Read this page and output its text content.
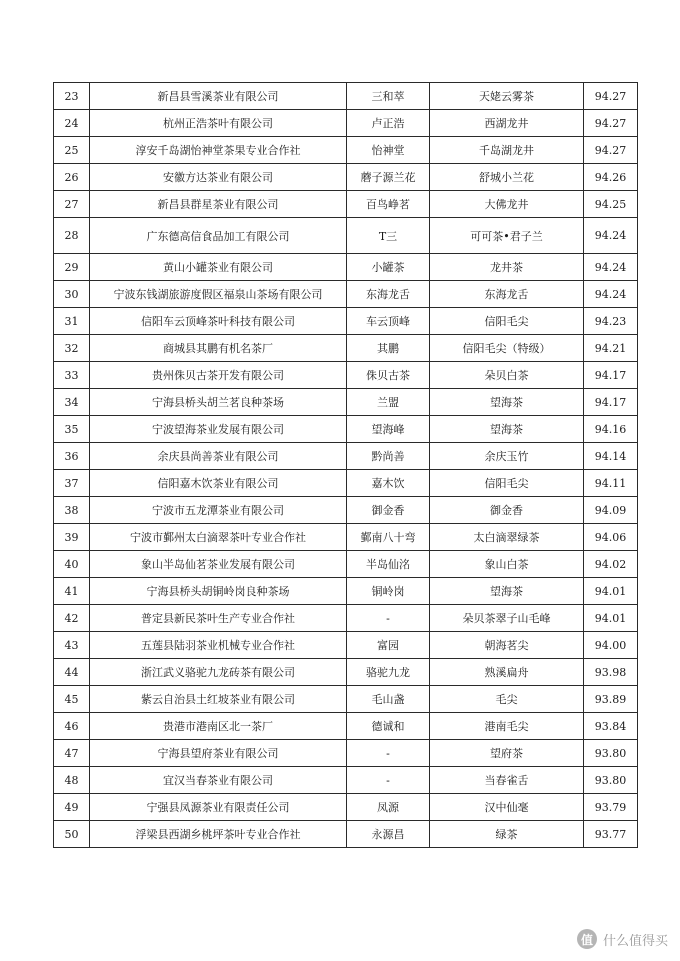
23	新昌县雪溪茶业有限公司	三和萃	天姥云雾茶	94.27
24	杭州正浩茶叶有限公司	卢正浩	西湖龙井	94.27
25	淳安千岛湖怡神堂茶果专业合作社	怡神堂	千岛湖龙井	94.27
26	安徽方达茶业有限公司	蘑子源兰花	舒城小兰花	94.26
27	新昌县群星茶业有限公司	百鸟峥茗	大佛龙井	94.25
28	广东德高信食品加工有限公司	T三	可可茶•君子兰	94.24
29	黄山小罐茶业有限公司	小罐茶	龙井茶	94.24
30	宁波东钱湖旅游度假区福泉山茶场有限公司	东海龙舌	东海龙舌	94.24
31	信阳车云顶峰茶叶科技有限公司	车云顶峰	信阳毛尖	94.23
32	商城县其鹏有机名茶厂	其鹏	信阳毛尖（特级）	94.21
33	贵州侏贝古茶开发有限公司	侏贝古茶	朵贝白茶	94.17
34	宁海县桥头胡兰茗良种茶场	兰盟	望海茶	94.17
35	宁波望海茶业发展有限公司	望海峰	望海茶	94.16
36	余庆县尚善茶业有限公司	黔尚善	余庆玉竹	94.14
37	信阳嘉木饮茶业有限公司	嘉木饮	信阳毛尖	94.11
38	宁波市五龙潭茶业有限公司	御金香	御金香	94.09
39	宁波市鄞州太白滴翠茶叶专业合作社	鄞南八十弯	太白滴翠绿茶	94.06
40	象山半岛仙茗茶业发展有限公司	半岛仙洺	象山白茶	94.02
41	宁海县桥头胡铜岭岗良种茶场	铜岭岗	望海茶	94.01
42	普定县新民茶叶生产专业合作社	-	朵贝茶翠子山毛峰	94.01
43	五莲县陆羽茶业机械专业合作社	富园	朝海茗尖	94.00
44	浙江武义骆驼九龙砖茶有限公司	骆驼九龙	熟溪扁舟	93.98
45	紫云自治县土红坡茶业有限公司	毛山盏	毛尖	93.89
46	贵港市港南区北一茶厂	德诚和	港南毛尖	93.84
47	宁海县望府茶业有限公司	-	望府茶	93.80
48	宜汉当春茶业有限公司	-	当春雀舌	93.80
49	宁强县凤源茶业有限责任公司	凤源	汉中仙毫	93.79
50	浮梁县西湖乡桃坪茶叶专业合作社	永源昌	绿茶	93.77
值 什么值得买
